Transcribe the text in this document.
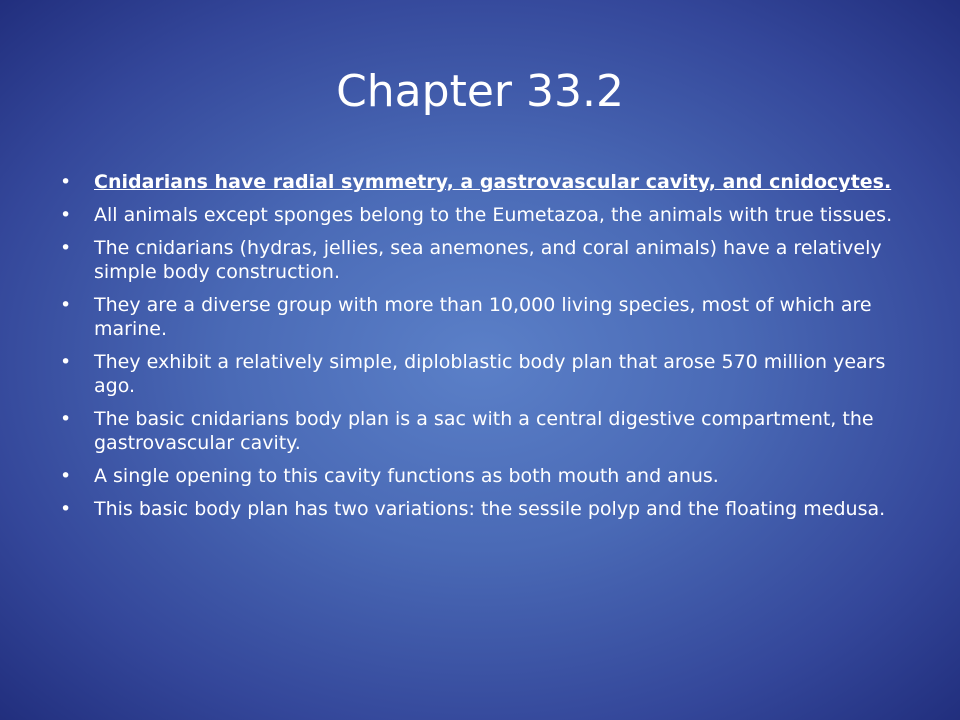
Chapter 33.2
•	Cnidarians have radial symmetry, a gastrovascular cavity, and cnidocytes.
•	All animals except sponges belong to the Eumetazoa, the animals with true tissues.
•	The cnidarians (hydras, jellies, sea anemones, and coral animals) have a relatively simple body construction.
•	They are a diverse group with more than 10,000 living species, most of which are marine.
•	They exhibit a relatively simple, diploblastic body plan that arose 570 million years ago.
•	The basic cnidarians body plan is a sac with a central digestive compartment, the gastrovascular cavity.
•	A single opening to this cavity functions as both mouth and anus.
•	This basic body plan has two variations: the sessile polyp and the floating medusa.
